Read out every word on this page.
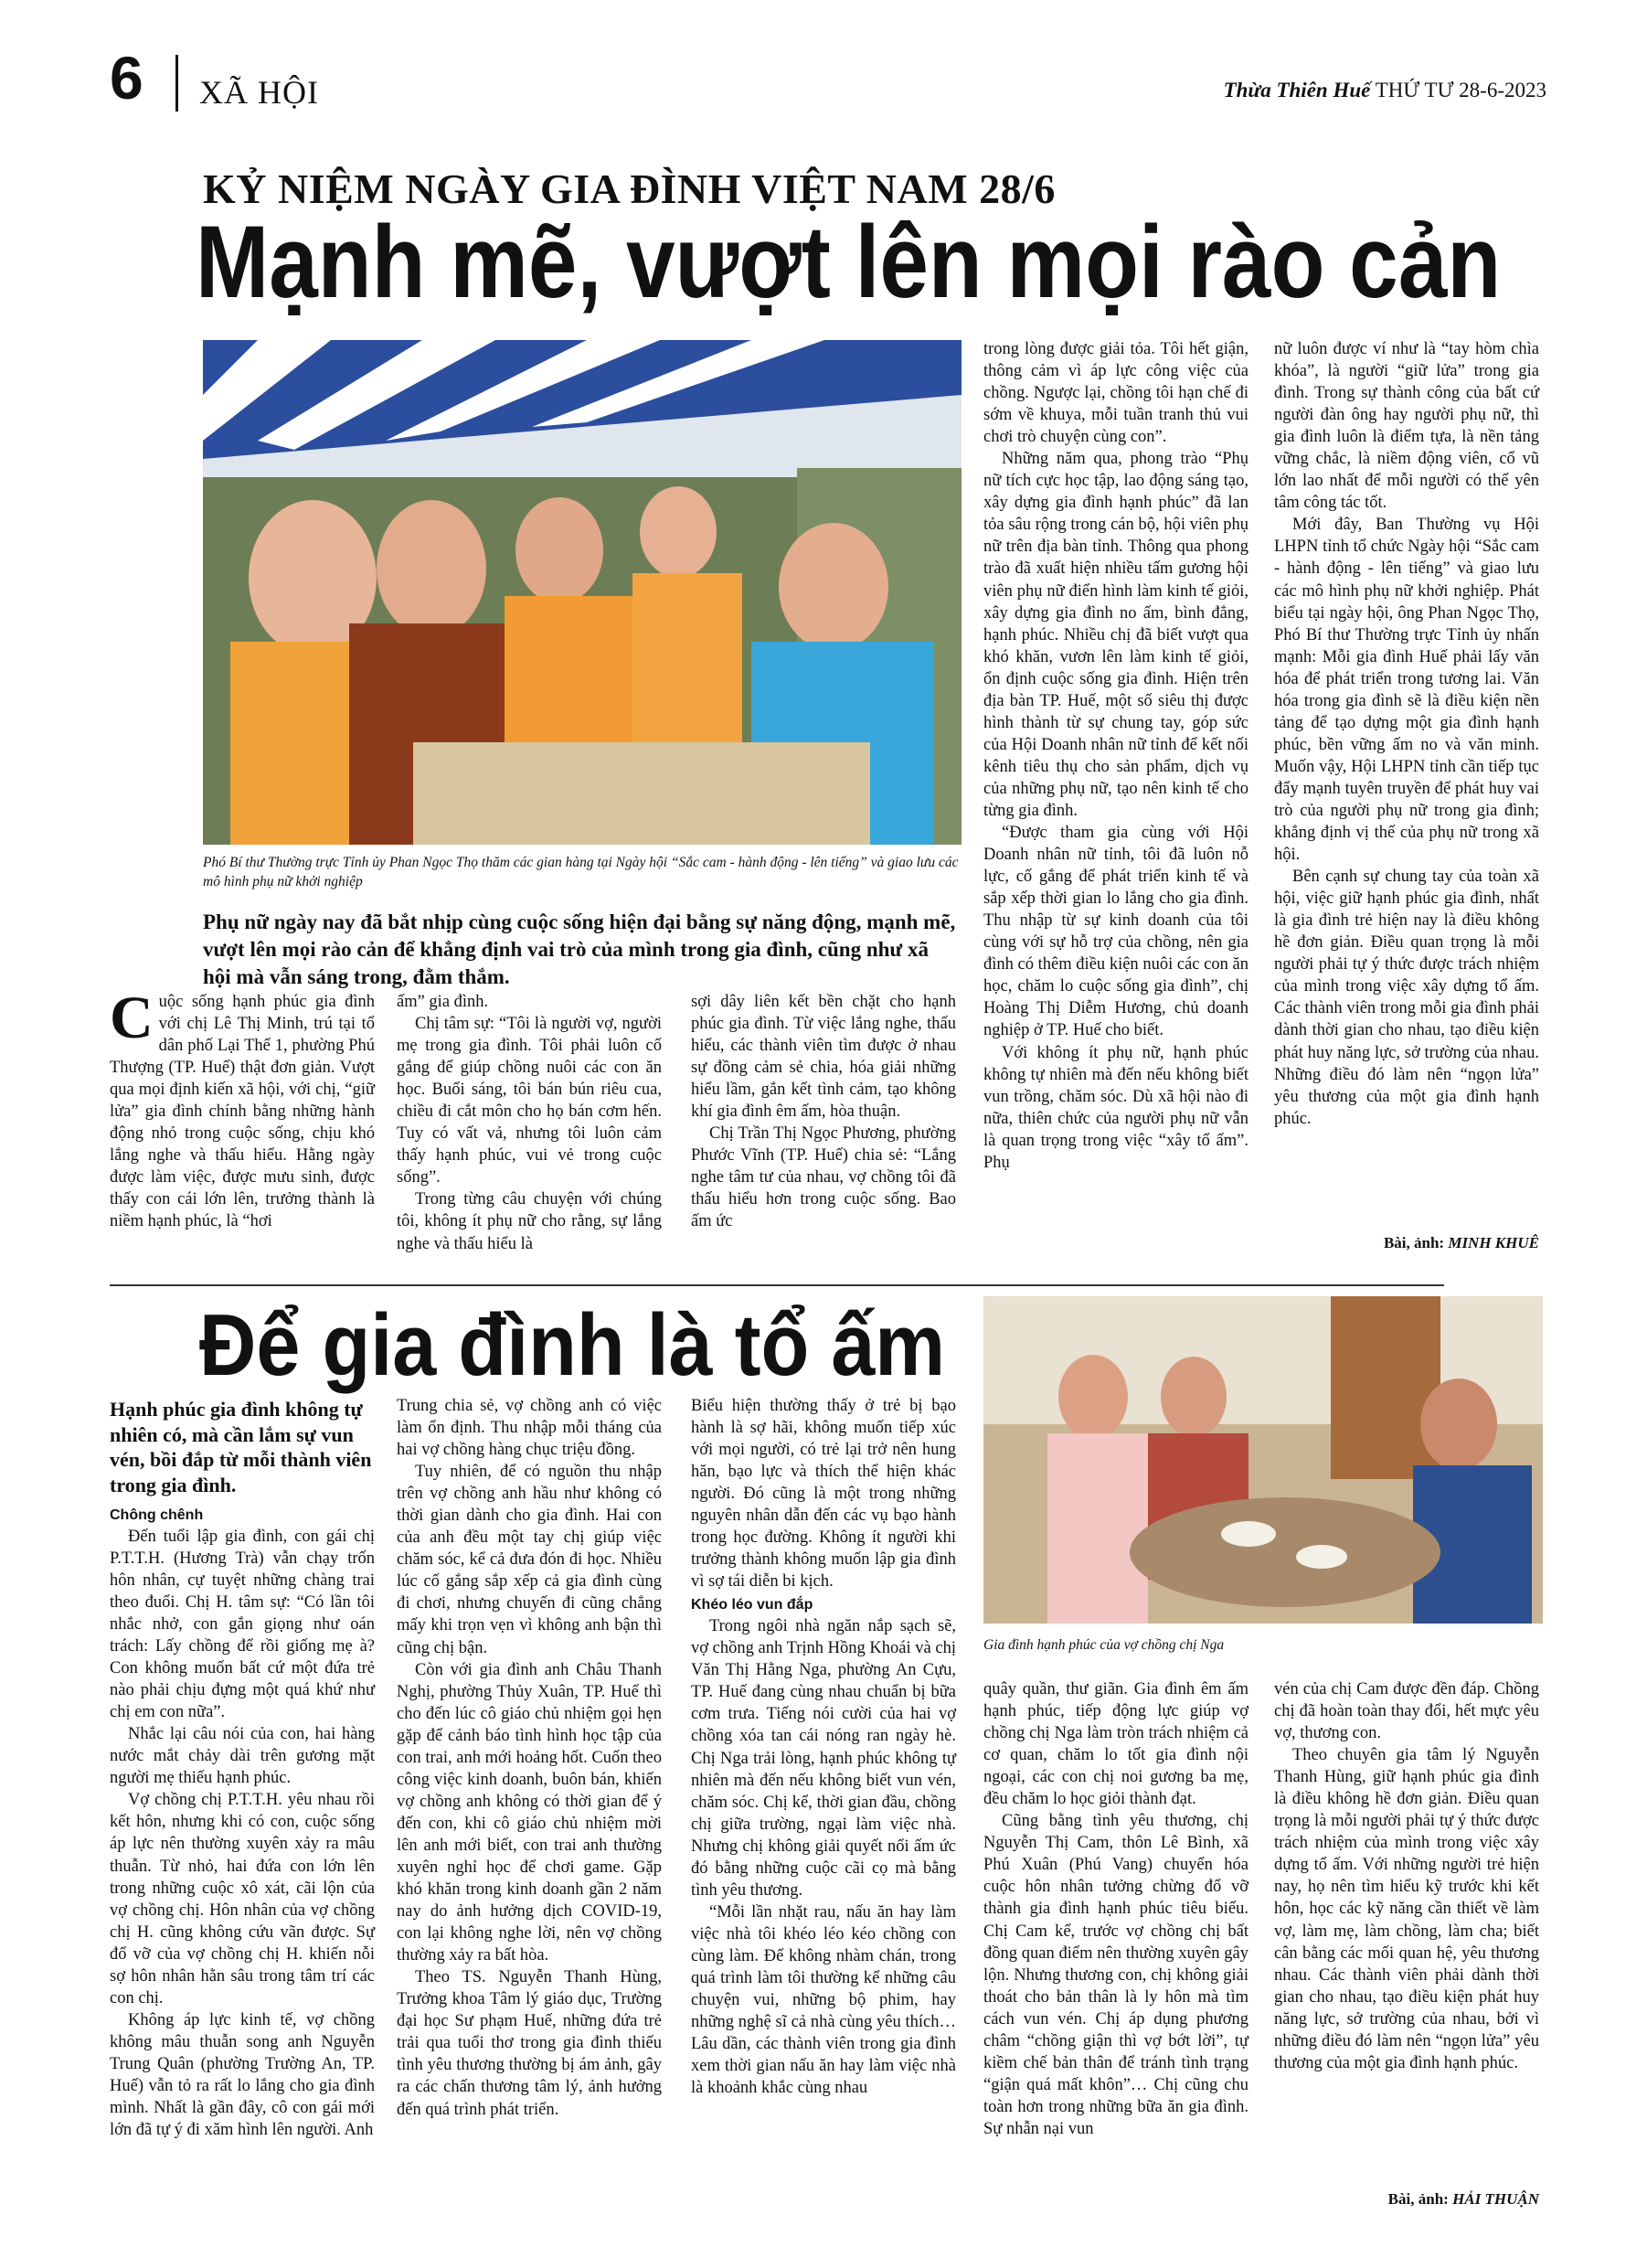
6 XÃ HỘI	Thừa Thiên Huế THỨ TƯ 28-6-2023
KỶ NIỆM NGÀY GIA ĐÌNH VIỆT NAM 28/6
Mạnh mẽ, vượt lên mọi rào cản
Phó Bí thư Thường trực Tỉnh ủy Phan Ngọc Thọ thăm các gian hàng tại Ngày hội “Sắc cam - hành động - lên tiếng” và giao lưu các mô hình phụ nữ khởi nghiệp
Phụ nữ ngày nay đã bắt nhịp cùng cuộc sống hiện đại bằng sự năng động, mạnh mẽ, vượt lên mọi rào cản để khẳng định vai trò của mình trong gia đình, cũng như xã hội mà vẫn sáng trong, đằm thắm.

Cuộc sống hạnh phúc gia đình với chị Lê Thị Minh, trú tại tổ dân phố Lại Thế 1, phường Phú Thượng (TP. Huế) thật đơn giản. Vượt qua mọi định kiến xã hội, với chị, “giữ lửa” gia đình chính bằng những hành động nhỏ trong cuộc sống, chịu khó lắng nghe và thấu hiểu. Hằng ngày được làm việc, được mưu sinh, được thấy con cái lớn lên, trưởng thành là niềm hạnh phúc, là “hơi

ấm” gia đình.

Chị tâm sự: “Tôi là người vợ, người mẹ trong gia đình. Tôi phải luôn cố gắng để giúp chồng nuôi các con ăn học. Buổi sáng, tôi bán bún riêu cua, chiều đi cắt môn cho họ bán cơm hến. Tuy có vất vả, nhưng tôi luôn cảm thấy hạnh phúc, vui vẻ trong cuộc sống”.

Trong từng câu chuyện với chúng tôi, không ít phụ nữ cho rằng, sự lắng nghe và thấu hiểu là

sợi dây liên kết bền chặt cho hạnh phúc gia đình. Từ việc lắng nghe, thấu hiểu, các thành viên tìm được ở nhau sự đồng cảm sẻ chia, hóa giải những hiểu lầm, gắn kết tình cảm, tạo không khí gia đình êm ấm, hòa thuận.

Chị Trần Thị Ngọc Phương, phường Phước Vĩnh (TP. Huế) chia sẻ: “Lắng nghe tâm tư của nhau, vợ chồng tôi đã thấu hiểu hơn trong cuộc sống. Bao ấm ức

trong lòng được giải tỏa. Tôi hết giận, thông cảm vì áp lực công việc của chồng. Ngược lại, chồng tôi hạn chế đi sớm về khuya, mỗi tuần tranh thủ vui chơi trò chuyện cùng con”.

Những năm qua, phong trào “Phụ nữ tích cực học tập, lao động sáng tạo, xây dựng gia đình hạnh phúc” đã lan tỏa sâu rộng trong cán bộ, hội viên phụ nữ trên địa bàn tỉnh. Thông qua phong trào đã xuất hiện nhiều tấm gương hội viên phụ nữ điển hình làm kinh tế giỏi, xây dựng gia đình no ấm, bình đẳng, hạnh phúc. Nhiều chị đã biết vượt qua khó khăn, vươn lên làm kinh tế giỏi, ổn định cuộc sống gia đình. Hiện trên địa bàn TP. Huế, một số siêu thị được hình thành từ sự chung tay, góp sức của Hội Doanh nhân nữ tỉnh để kết nối kênh tiêu thụ cho sản phẩm, dịch vụ của những phụ nữ, tạo nên kinh tế cho từng gia đình.

“Được tham gia cùng với Hội Doanh nhân nữ tỉnh, tôi đã luôn nỗ lực, cố gắng để phát triển kinh tế và sắp xếp thời gian lo lắng cho gia đình. Thu nhập từ sự kinh doanh của tôi cùng với sự hỗ trợ của chồng, nên gia đình có thêm điều kiện nuôi các con ăn học, chăm lo cuộc sống gia đình”, chị Hoàng Thị Diễm Hương, chủ doanh nghiệp ở TP. Huế cho biết.

Với không ít phụ nữ, hạnh phúc không tự nhiên mà đến nếu không biết vun trồng, chăm sóc. Dù xã hội nào đi nữa, thiên chức của người phụ nữ vẫn là quan trọng trong việc “xây tổ ấm”. Phụ

nữ luôn được ví như là “tay hòm chìa khóa”, là người “giữ lửa” trong gia đình. Trong sự thành công của bất cứ người đàn ông hay người phụ nữ, thì gia đình luôn là điểm tựa, là nền tảng vững chắc, là niềm động viên, cổ vũ lớn lao nhất để mỗi người có thể yên tâm công tác tốt.

Mới đây, Ban Thường vụ Hội LHPN tỉnh tổ chức Ngày hội “Sắc cam - hành động - lên tiếng” và giao lưu các mô hình phụ nữ khởi nghiệp. Phát biểu tại ngày hội, ông Phan Ngọc Thọ, Phó Bí thư Thường trực Tỉnh ủy nhấn mạnh: Mỗi gia đình Huế phải lấy văn hóa để phát triển trong tương lai. Văn hóa trong gia đình sẽ là điều kiện nền tảng để tạo dựng một gia đình hạnh phúc, bền vững ấm no và văn minh. Muốn vậy, Hội LHPN tỉnh cần tiếp tục đẩy mạnh tuyên truyền để phát huy vai trò của người phụ nữ trong gia đình; khẳng định vị thế của phụ nữ trong xã hội.

Bên cạnh sự chung tay của toàn xã hội, việc giữ hạnh phúc gia đình, nhất là gia đình trẻ hiện nay là điều không hề đơn giản. Điều quan trọng là mỗi người phải tự ý thức được trách nhiệm của mình trong việc xây dựng tổ ấm. Các thành viên trong mỗi gia đình phải dành thời gian cho nhau, tạo điều kiện phát huy năng lực, sở trường của nhau. Những điều đó làm nên “ngọn lửa” yêu thương của một gia đình hạnh phúc.

Bài, ảnh: MINH KHUÊ
Để gia đình là tổ ấm
Hạnh phúc gia đình không tự nhiên có, mà cần lắm sự vun vén, bồi đắp từ mỗi thành viên trong gia đình.
Gia đình hạnh phúc của vợ chồng chị Nga

Chông chênh

Đến tuổi lập gia đình, con gái chị P.T.T.H. (Hương Trà) vẫn chạy trốn hôn nhân, cự tuyệt những chàng trai theo đuổi. Chị H. tâm sự: “Có lần tôi nhắc nhở, con gắn giọng như oán trách: Lấy chồng để rồi giống mẹ à? Con không muốn bất cứ một đứa trẻ nào phải chịu đựng một quá khứ như chị em con nữa”.

Nhắc lại câu nói của con, hai hàng nước mắt chảy dài trên gương mặt người mẹ thiếu hạnh phúc.

Vợ chồng chị P.T.T.H. yêu nhau rồi kết hôn, nhưng khi có con, cuộc sống áp lực nên thường xuyên xảy ra mâu thuẫn. Từ nhỏ, hai đứa con lớn lên trong những cuộc xô xát, cãi lộn của vợ chồng chị. Hôn nhân của vợ chồng chị H. cũng không cứu vãn được. Sự đổ vỡ của vợ chồng chị H. khiến nỗi sợ hôn nhân hằn sâu trong tâm trí các con chị.

Không áp lực kinh tế, vợ chồng không mâu thuẫn song anh Nguyễn Trung Quân (phường Trường An, TP. Huế) vẫn tỏ ra rất lo lắng cho gia đình mình. Nhất là gần đây, cô con gái mới lớn đã tự ý đi xăm hình lên người. Anh

Trung chia sẻ, vợ chồng anh có việc làm ổn định. Thu nhập mỗi tháng của hai vợ chồng hàng chục triệu đồng.

Tuy nhiên, để có nguồn thu nhập trên vợ chồng anh hầu như không có thời gian dành cho gia đình. Hai con của anh đều một tay chị giúp việc chăm sóc, kể cả đưa đón đi học. Nhiều lúc cố gắng sắp xếp cả gia đình cùng đi chơi, nhưng chuyến đi cũng chẳng mấy khi trọn vẹn vì không anh bận thì cũng chị bận.

Còn với gia đình anh Châu Thanh Nghị, phường Thủy Xuân, TP. Huế thì cho đến lúc cô giáo chủ nhiệm gọi hẹn gặp để cảnh báo tình hình học tập của con trai, anh mới hoảng hốt. Cuốn theo công việc kinh doanh, buôn bán, khiến vợ chồng anh không có thời gian để ý đến con, khi cô giáo chủ nhiệm mời lên anh mới biết, con trai anh thường xuyên nghỉ học để chơi game. Gặp khó khăn trong kinh doanh gần 2 năm nay do ảnh hưởng dịch COVID-19, con lại không nghe lời, nên vợ chồng thường xảy ra bất hòa.

Theo TS. Nguyễn Thanh Hùng, Trưởng khoa Tâm lý giáo dục, Trường đại học Sư phạm Huế, những đứa trẻ trải qua tuổi thơ trong gia đình thiếu tình yêu thương thường bị ám ảnh, gây ra các chấn thương tâm lý, ảnh hưởng đến quá trình phát triển.

Biểu hiện thường thấy ở trẻ bị bạo hành là sợ hãi, không muốn tiếp xúc với mọi người, có trẻ lại trở nên hung hăn, bạo lực và thích thể hiện khác người. Đó cũng là một trong những nguyên nhân dẫn đến các vụ bạo hành trong học đường. Không ít người khi trưởng thành không muốn lập gia đình vì sợ tái diễn bi kịch.

Khéo léo vun đắp

Trong ngôi nhà ngăn nắp sạch sẽ, vợ chồng anh Trịnh Hồng Khoái và chị Văn Thị Hằng Nga, phường An Cựu, TP. Huế đang cùng nhau chuẩn bị bữa cơm trưa. Tiếng nói cười của hai vợ chồng xóa tan cái nóng ran ngày hè. Chị Nga trải lòng, hạnh phúc không tự nhiên mà đến nếu không biết vun vén, chăm sóc. Chị kể, thời gian đầu, chồng chị giữa trường, ngại làm việc nhà. Nhưng chị không giải quyết nổi ấm ức đó bằng những cuộc cãi cọ mà bằng tình yêu thương.

“Mỗi lần nhặt rau, nấu ăn hay làm việc nhà tôi khéo léo kéo chồng con cùng làm. Để không nhàm chán, trong quá trình làm tôi thường kể những câu chuyện vui, những bộ phim, hay những nghệ sĩ cả nhà cùng yêu thích… Lâu dần, các thành viên trong gia đình xem thời gian nấu ăn hay làm việc nhà là khoảnh khắc cùng nhau

quây quần, thư giãn. Gia đình êm ấm hạnh phúc, tiếp động lực giúp vợ chồng chị Nga làm tròn trách nhiệm cả cơ quan, chăm lo tốt gia đình nội ngoại, các con chị noi gương ba mẹ, đều chăm lo học giỏi thành đạt.

Cũng bằng tình yêu thương, chị Nguyễn Thị Cam, thôn Lê Bình, xã Phú Xuân (Phú Vang) chuyển hóa cuộc hôn nhân tưởng chừng đổ vỡ thành gia đình hạnh phúc tiêu biểu. Chị Cam kể, trước vợ chồng chị bất đồng quan điểm nên thường xuyên gây lộn. Nhưng thương con, chị không giải thoát cho bản thân là ly hôn mà tìm cách vun vén. Chị áp dụng phương châm “chồng giận thì vợ bớt lời”, tự kiềm chế bản thân để tránh tình trạng “giận quá mất khôn”… Chị cũng chu toàn hơn trong những bữa ăn gia đình. Sự nhẫn nại vun

vén của chị Cam được đền đáp. Chồng chị đã hoàn toàn thay đổi, hết mực yêu vợ, thương con.

Theo chuyên gia tâm lý Nguyễn Thanh Hùng, giữ hạnh phúc gia đình là điều không hề đơn giản. Điều quan trọng là mỗi người phải tự ý thức được trách nhiệm của mình trong việc xây dựng tổ ấm. Với những người trẻ hiện nay, họ nên tìm hiểu kỹ trước khi kết hôn, học các kỹ năng cần thiết về làm vợ, làm mẹ, làm chồng, làm cha; biết cân bằng các mối quan hệ, yêu thương nhau. Các thành viên phải dành thời gian cho nhau, tạo điều kiện phát huy năng lực, sở trường của nhau, bởi vì những điều đó làm nên “ngọn lửa” yêu thương của một gia đình hạnh phúc.

Bài, ảnh: HẢI THUẬN
